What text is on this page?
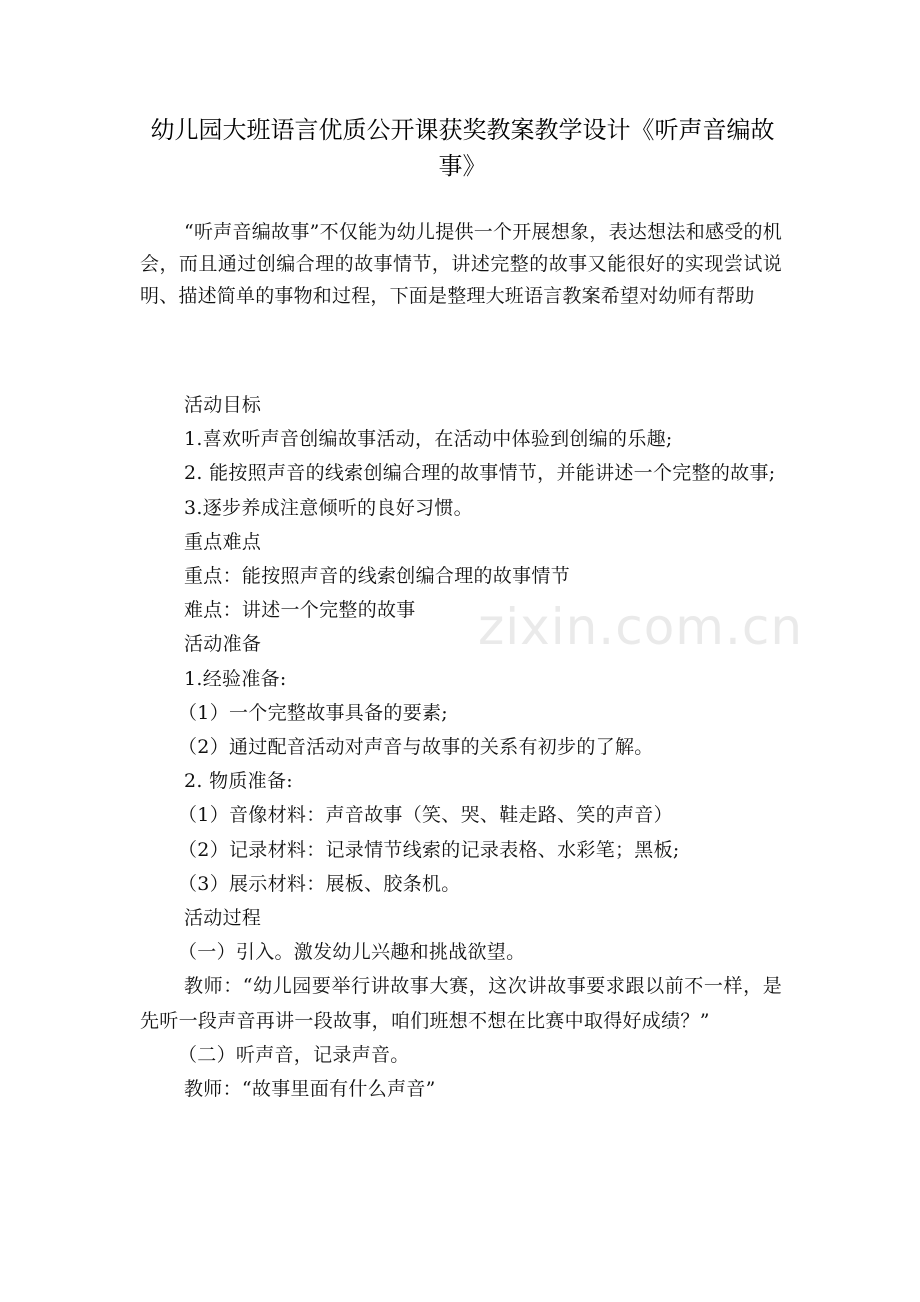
幼儿园大班语言优质公开课获奖教案教学设计《听声音编故事》

“听声音编故事”不仅能为幼儿提供一个开展想象，表达想法和感受的机会，而且通过创编合理的故事情节，讲述完整的故事又能很好的实现尝试说明、描述简单的事物和过程，下面是整理大班语言教案希望对幼师有帮助

活动目标

1.喜欢听声音创编故事活动，在活动中体验到创编的乐趣;

2. 能按照声音的线索创编合理的故事情节，并能讲述一个完整的故事;

3.逐步养成注意倾听的良好习惯。

重点难点

重点：能按照声音的线索创编合理的故事情节

难点：讲述一个完整的故事

活动准备

1.经验准备:

（1）一个完整故事具备的要素;

（2）通过配音活动对声音与故事的关系有初步的了解。

2. 物质准备:

（1）音像材料：声音故事（笑、哭、鞋走路、笑的声音）

（2）记录材料：记录情节线索的记录表格、水彩笔；黑板;

（3）展示材料：展板、胶条机。

活动过程

（一）引入。激发幼儿兴趣和挑战欲望。

教师：“幼儿园要举行讲故事大赛，这次讲故事要求跟以前不一样，是先听一段声音再讲一段故事，咱们班想不想在比赛中取得好成绩？”

（二）听声音，记录声音。

教师：“故事里面有什么声音”

zixin.com.cn
